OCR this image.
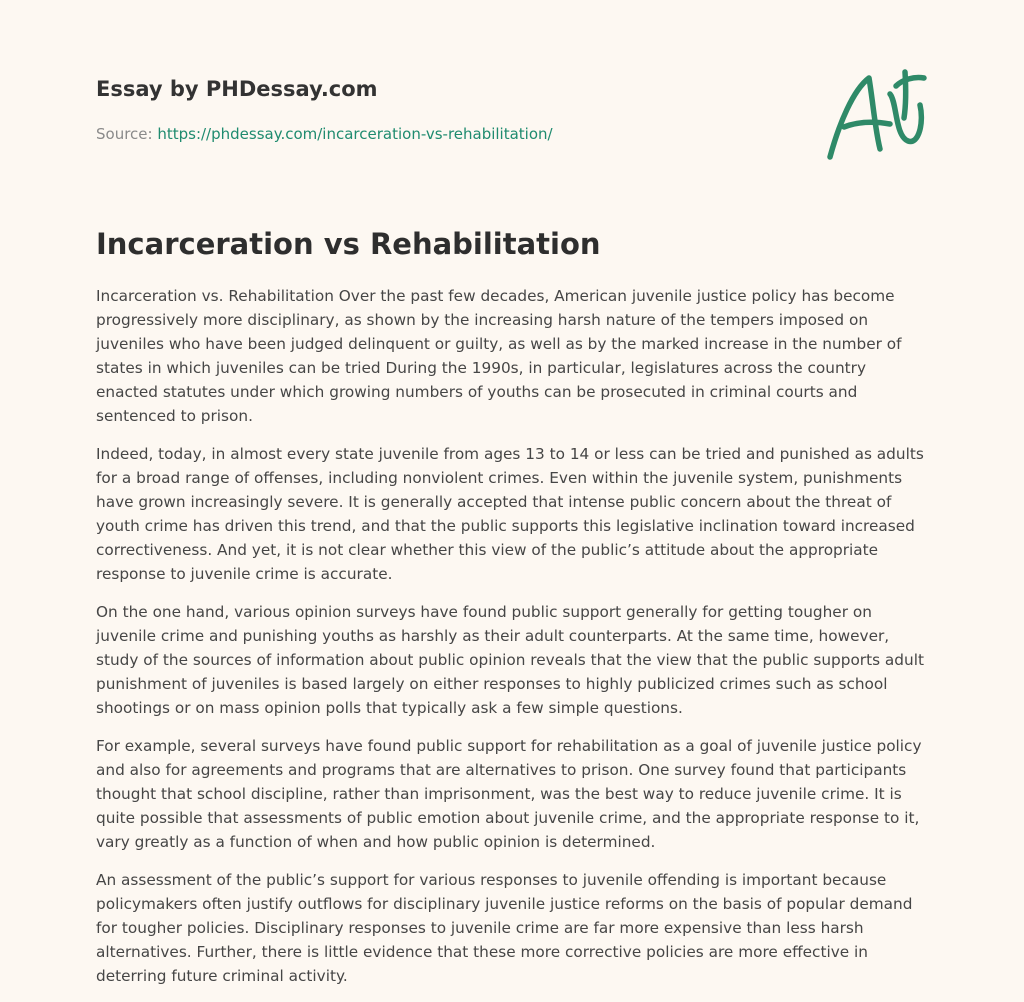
Essay by PHDessay.com
Source: https://phdessay.com/incarceration-vs-rehabilitation/
Incarceration vs Rehabilitation

Incarceration vs. Rehabilitation Over the past few decades, American juvenile justice policy has become progressively more disciplinary, as shown by the increasing harsh nature of the tempers imposed on juveniles who have been judged delinquent or guilty, as well as by the marked increase in the number of states in which juveniles can be tried During the 1990s, in particular, legislatures across the country enacted statutes under which growing numbers of youths can be prosecuted in criminal courts and sentenced to prison.

Indeed, today, in almost every state juvenile from ages 13 to 14 or less can be tried and punished as adults for a broad range of offenses, including nonviolent crimes. Even within the juvenile system, punishments have grown increasingly severe. It is generally accepted that intense public concern about the threat of youth crime has driven this trend, and that the public supports this legislative inclination toward increased correctiveness. And yet, it is not clear whether this view of the public’s attitude about the appropriate response to juvenile crime is accurate.

On the one hand, various opinion surveys have found public support generally for getting tougher on juvenile crime and punishing youths as harshly as their adult counterparts. At the same time, however, study of the sources of information about public opinion reveals that the view that the public supports adult punishment of juveniles is based largely on either responses to highly publicized crimes such as school shootings or on mass opinion polls that typically ask a few simple questions.

For example, several surveys have found public support for rehabilitation as a goal of juvenile justice policy and also for agreements and programs that are alternatives to prison. One survey found that participants thought that school discipline, rather than imprisonment, was the best way to reduce juvenile crime. It is quite possible that assessments of public emotion about juvenile crime, and the appropriate response to it, vary greatly as a function of when and how public opinion is determined.

An assessment of the public’s support for various responses to juvenile offending is important because policymakers often justify outflows for disciplinary juvenile justice reforms on the basis of popular demand for tougher policies. Disciplinary responses to juvenile crime are far more expensive than less harsh alternatives. Further, there is little evidence that these more corrective policies are more effective in deterring future criminal activity.
